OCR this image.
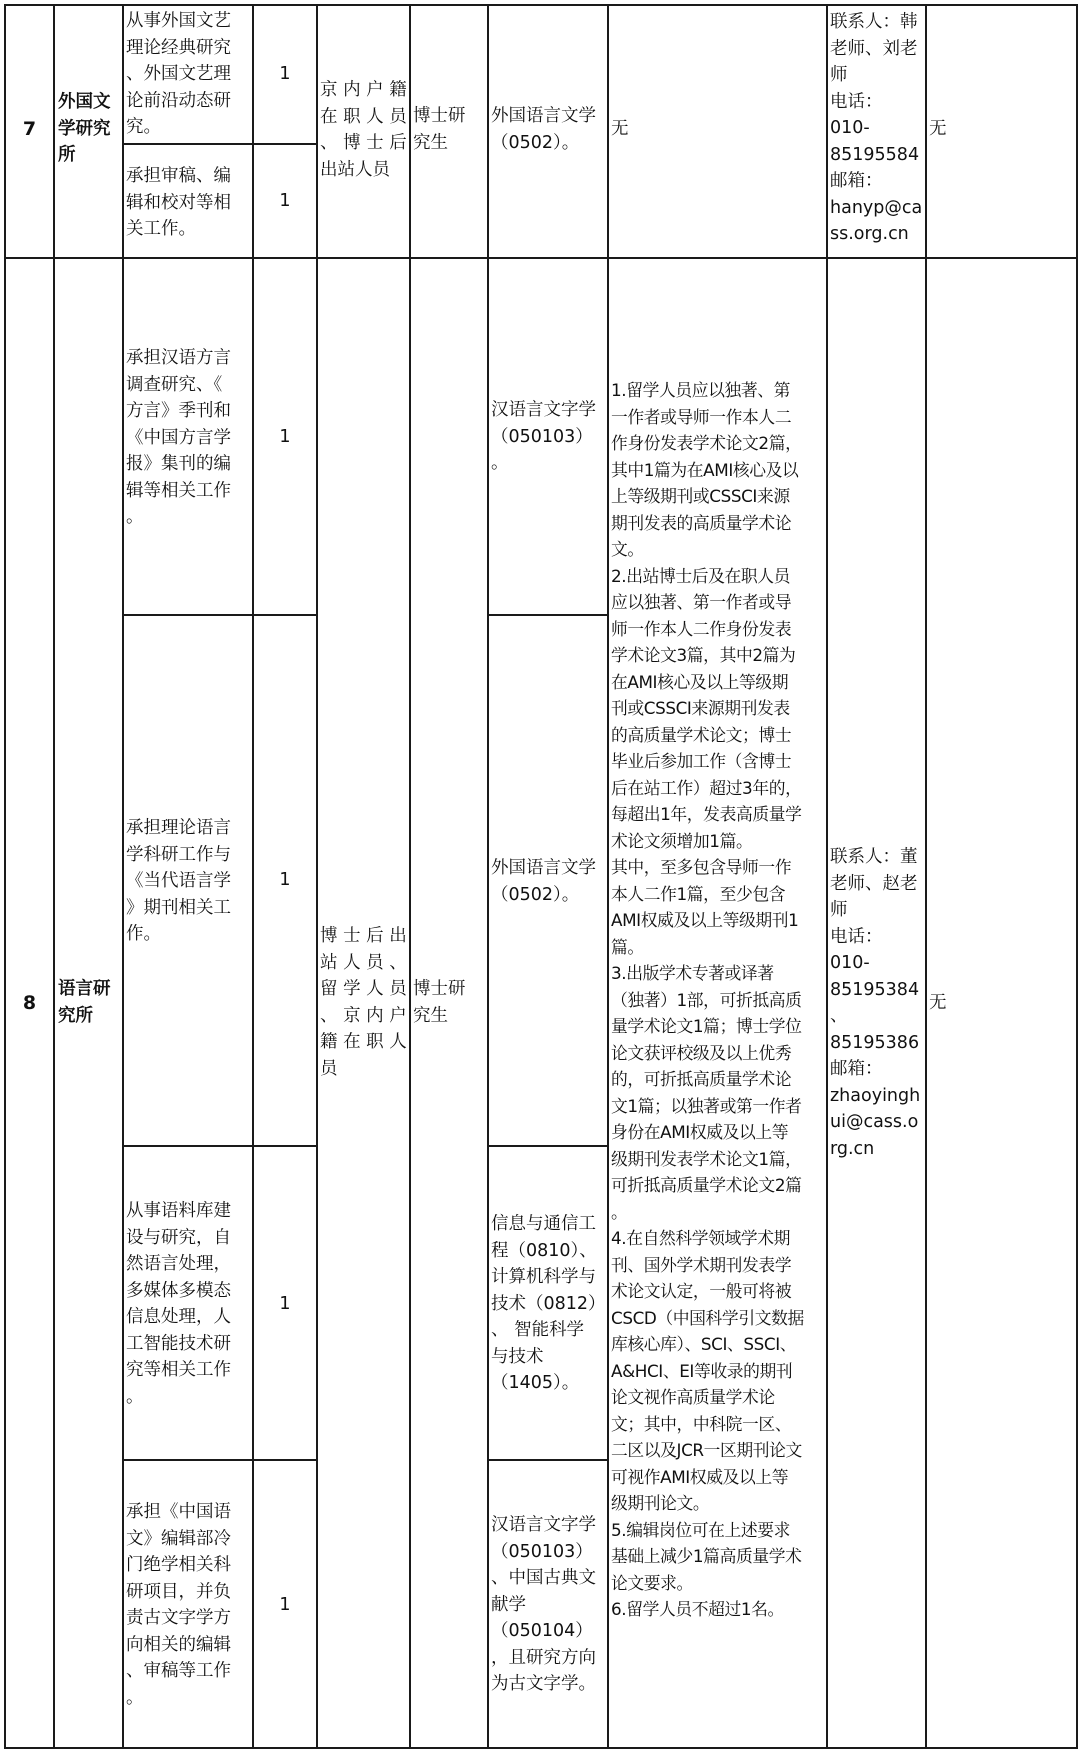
7
外国文
学研究
所
从事外国文艺
理论经典研究
、外国文艺理
论前沿动态研
究。
1
承担审稿、编
辑和校对等相
关工作。
1
京 内 户 籍
在 职 人 员
、 博 士 后
出站人员
博士研
究生
外国语言文学
（0502）。
无
联系人：韩
老师、刘老
师
电话：
010-
85195584
邮箱：
hanyp@ca
ss.org.cn
无
8
语言研
究所
承担汉语方言
调查研究、《
方言》季刊和
《中国方言学
报》集刊的编
辑等相关工作
。
1
承担理论语言
学科研工作与
《当代语言学
》期刊相关工
作。
1
从事语料库建
设与研究，自
然语言处理，
多媒体多模态
信息处理，人
工智能技术研
究等相关工作
。
1
承担《中国语
文》编辑部冷
门绝学相关科
研项目，并负
责古文字学方
向相关的编辑
、审稿等工作
。
1
博 士 后 出
站 人 员 、
留 学 人 员
、 京 内 户
籍 在 职 人
员
博士研
究生
汉语言文字学
（050103）
。
外国语言文学
（0502）。
信息与通信工
程（0810）、
计算机科学与
技术（0812）
、 智能科学
与技术
（1405）。
汉语言文字学
（050103）
、中国古典文
献学
（050104）
，且研究方向
为古文字学。
1.留学人员应以独著、第
一作者或导师一作本人二
作身份发表学术论文2篇，
其中1篇为在AMI核心及以
上等级期刊或CSSCI来源
期刊发表的高质量学术论
文。
2.出站博士后及在职人员
应以独著、第一作者或导
师一作本人二作身份发表
学术论文3篇，其中2篇为
在AMI核心及以上等级期
刊或CSSCI来源期刊发表
的高质量学术论文；博士
毕业后参加工作（含博士
后在站工作）超过3年的，
每超出1年，发表高质量学
术论文须增加1篇。
其中，至多包含导师一作
本人二作1篇，至少包含
AMI权威及以上等级期刊1
篇。
3.出版学术专著或译著
（独著）1部，可折抵高质
量学术论文1篇；博士学位
论文获评校级及以上优秀
的，可折抵高质量学术论
文1篇；以独著或第一作者
身份在AMI权威及以上等
级期刊发表学术论文1篇，
可折抵高质量学术论文2篇
。
4.在自然科学领域学术期
刊、国外学术期刊发表学
术论文认定，一般可将被
CSCD（中国科学引文数据
库核心库）、SCI、SSCI、
A&HCI、EI等收录的期刊
论文视作高质量学术论
文；其中，中科院一区、
二区以及JCR一区期刊论文
可视作AMI权威及以上等
级期刊论文。
5.编辑岗位可在上述要求
基础上减少1篇高质量学术
论文要求。
6.留学人员不超过1名。
联系人：董
老师、赵老
师
电话：
010-
85195384
、
85195386
邮箱：
zhaoyingh
ui@cass.o
rg.cn
无
